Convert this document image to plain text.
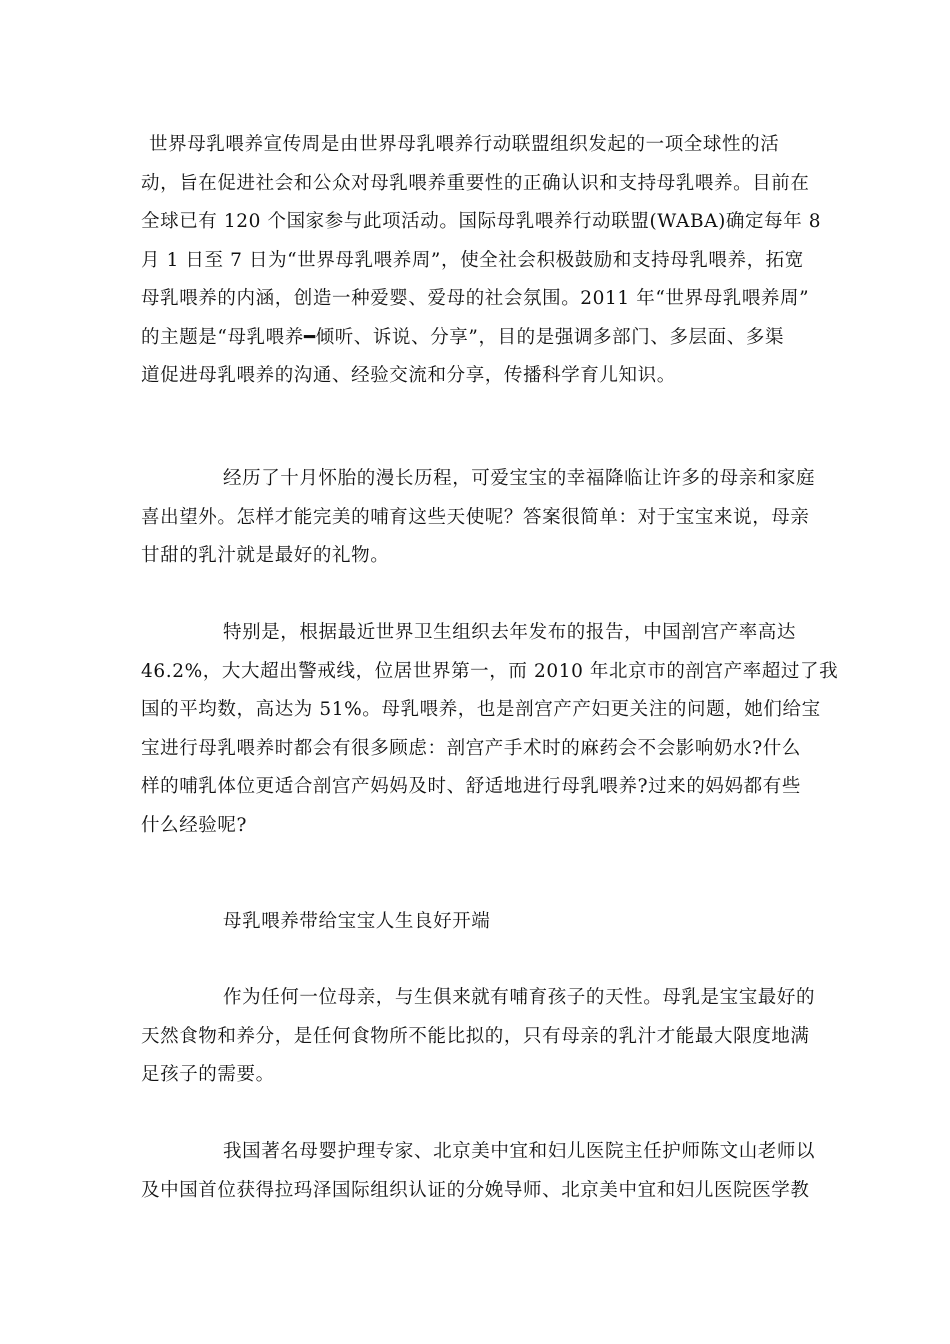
世界母乳喂养宣传周是由世界母乳喂养行动联盟组织发起的一项全球性的活
动，旨在促进社会和公众对母乳喂养重要性的正确认识和支持母乳喂养。目前在
全球已有 120 个国家参与此项活动。国际母乳喂养行动联盟(WABA)确定每年 8
月 1 日至 7 日为“世界母乳喂养周”，使全社会积极鼓励和支持母乳喂养，拓宽
母乳喂养的内涵，创造一种爱婴、爱母的社会氛围。2011 年“世界母乳喂养周”
的主题是“母乳喂养━倾听、诉说、分享”，目的是强调多部门、多层面、多渠
道促进母乳喂养的沟通、经验交流和分享，传播科学育儿知识。
经历了十月怀胎的漫长历程，可爱宝宝的幸福降临让许多的母亲和家庭
喜出望外。怎样才能完美的哺育这些天使呢？答案很简单：对于宝宝来说，母亲
甘甜的乳汁就是最好的礼物。
特别是，根据最近世界卫生组织去年发布的报告，中国剖宫产率高达
46.2%，大大超出警戒线，位居世界第一，而 2010 年北京市的剖宫产率超过了我
国的平均数，高达为 51%。母乳喂养，也是剖宫产产妇更关注的问题，她们给宝
宝进行母乳喂养时都会有很多顾虑：剖宫产手术时的麻药会不会影响奶水?什么
样的哺乳体位更适合剖宫产妈妈及时、舒适地进行母乳喂养?过来的妈妈都有些
什么经验呢?
母乳喂养带给宝宝人生良好开端
作为任何一位母亲，与生俱来就有哺育孩子的天性。母乳是宝宝最好的
天然食物和养分，是任何食物所不能比拟的，只有母亲的乳汁才能最大限度地满
足孩子的需要。
我国著名母婴护理专家、北京美中宜和妇儿医院主任护师陈文山老师以
及中国首位获得拉玛泽国际组织认证的分娩导师、北京美中宜和妇儿医院医学教
